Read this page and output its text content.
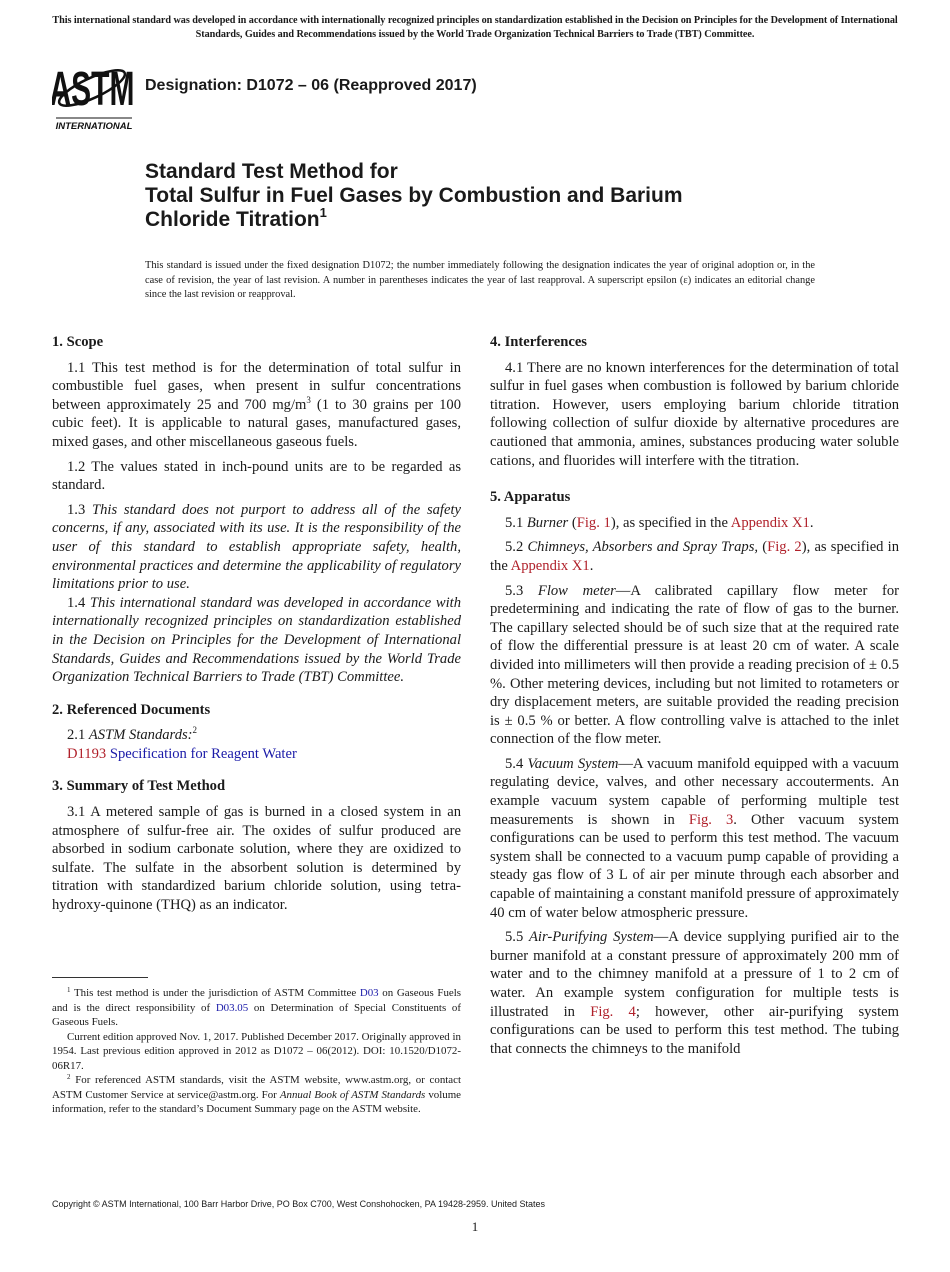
This international standard was developed in accordance with internationally recognized principles on standardization established in the Decision on Principles for the Development of International Standards, Guides and Recommendations issued by the World Trade Organization Technical Barriers to Trade (TBT) Committee.
ASTM
INTERNATIONAL
Designation: D1072 – 06 (Reapproved 2017)
Standard Test Method for
Total Sulfur in Fuel Gases by Combustion and Barium
Chloride Titration$^1$
This standard is issued under the fixed designation D1072; the number immediately following the designation indicates the year of original adoption or, in the case of revision, the year of last revision. A number in parentheses indicates the year of last reapproval. A superscript epsilon (ε) indicates an editorial change since the last revision or reapproval.
1. Scope

1.1 This test method is for the determination of total sulfur in combustible fuel gases, when present in sulfur concentrations between approximately 25 and 700 $mg/m^3$ (1 to 30 grains per 100 cubic feet). It is applicable to natural gases, manufactured gases, mixed gases, and other miscellaneous gaseous fuels.

1.2 The values stated in inch-pound units are to be regarded as standard.

1.3 This standard does not purport to address all of the safety concerns, if any, associated with its use. It is the responsibility of the user of this standard to establish appropriate safety, health, environmental practices and determine the applicability of regulatory limitations prior to use.

1.4 This international standard was developed in accordance with internationally recognized principles on standardization established in the Decision on Principles for the Development of International Standards, Guides and Recommendations issued by the World Trade Organization Technical Barriers to Trade (TBT) Committee.

2. Referenced Documents

2.1 ASTM Standards:$^2$

D1193 Specification for Reagent Water

3. Summary of Test Method

3.1 A metered sample of gas is burned in a closed system in an atmosphere of sulfur-free air. The oxides of sulfur produced are absorbed in sodium carbonate solution, where they are oxidized to sulfate. The sulfate in the absorbent solution is determined by titration with standardized barium chloride solution, using tetra-hydroxy-quinone (THQ) as an indicator.

$^1$ This test method is under the jurisdiction of ASTM Committee D03 on Gaseous Fuels and is the direct responsibility of D03.05 on Determination of Special Constituents of Gaseous Fuels.

Current edition approved Nov. 1, 2017. Published December 2017. Originally approved in 1954. Last previous edition approved in 2012 as D1072 – 06(2012). DOI: 10.1520/D1072-06R17.

$^2$ For referenced ASTM standards, visit the ASTM website, www.astm.org, or contact ASTM Customer Service at service@astm.org. For Annual Book of ASTM Standards volume information, refer to the standard’s Document Summary page on the ASTM website.

4. Interferences

4.1 There are no known interferences for the determination of total sulfur in fuel gases when combustion is followed by barium chloride titration. However, users employing barium chloride titration following collection of sulfur dioxide by alternative procedures are cautioned that ammonia, amines, substances producing water soluble cations, and fluorides will interfere with the titration.

5. Apparatus

5.1 Burner (Fig. 1), as specified in the Appendix X1.

5.2 Chimneys, Absorbers and Spray Traps, (Fig. 2), as specified in the Appendix X1.

5.3 Flow meter—A calibrated capillary flow meter for predetermining and indicating the rate of flow of gas to the burner. The capillary selected should be of such size that at the required rate of flow the differential pressure is at least 20 cm of water. A scale divided into millimeters will then provide a reading precision of ± 0.5 %. Other metering devices, including but not limited to rotameters or dry displacement meters, are suitable provided the reading precision is ± 0.5 % or better. A flow controlling valve is attached to the inlet connection of the flow meter.

5.4 Vacuum System—A vacuum manifold equipped with a vacuum regulating device, valves, and other necessary accouterments. An example vacuum system capable of performing multiple test measurements is shown in Fig. 3. Other vacuum system configurations can be used to perform this test method. The vacuum system shall be connected to a vacuum pump capable of providing a steady gas flow of 3 L of air per minute through each absorber and capable of maintaining a constant manifold pressure of approximately 40 cm of water below atmospheric pressure.

5.5 Air-Purifying System—A device supplying purified air to the burner manifold at a constant pressure of approximately 200 mm of water and to the chimney manifold at a pressure of 1 to 2 cm of water. An example system configuration for multiple tests is illustrated in Fig. 4; however, other air-purifying system configurations can be used to perform this test method. The tubing that connects the chimneys to the manifold

Copyright © ASTM International, 100 Barr Harbor Drive, PO Box C700, West Conshohocken, PA 19428-2959. United States
1
